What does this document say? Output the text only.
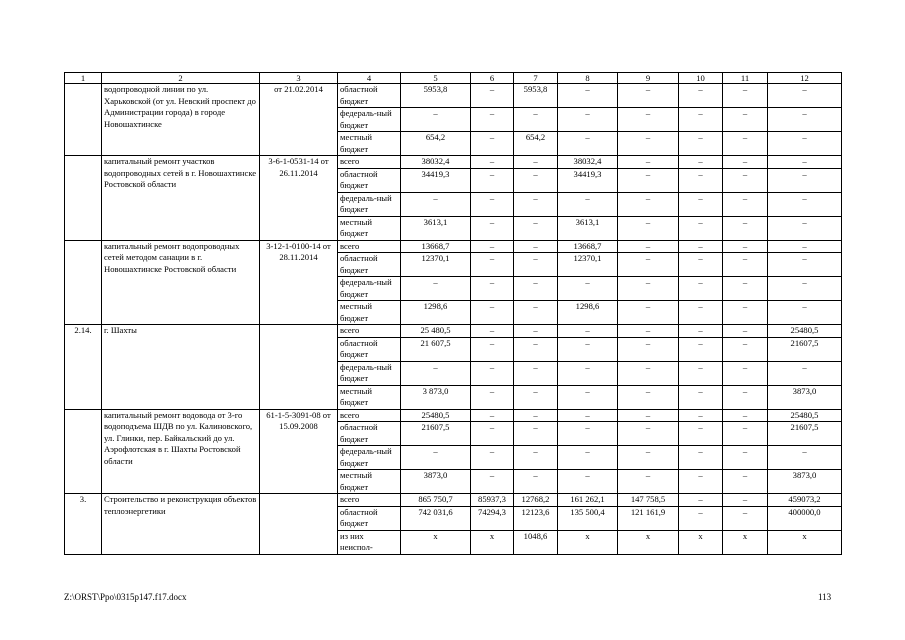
1	2	3	4	5	6	7	8	9	10	11	12
	водопроводной линии по ул. Харьковской (от ул. Невский проспект до Администрации города) в городе Новошахтинске	от 21.02.2014	областной бюджет	5953,8	–	5953,8	–	–	–	–	–
			федераль-ный бюджет	–	–	–	–	–	–	–	–
			местный бюджет	654,2	–	654,2	–	–	–	–	–
	капитальный ремонт участков водопроводных сетей в г. Новошахтинске Ростовской области	3-6-1-0531-14 от 26.11.2014	всего	38032,4	–	–	38032,4	–	–	–	–
			областной бюджет	34419,3	–	–	34419,3	–	–	–	–
			федераль-ный бюджет	–	–	–	–	–	–	–	–
			местный бюджет	3613,1	–	–	3613,1	–	–	–	–
	капитальный ремонт водопроводных сетей методом санации в г. Новошахтинске Ростовской области	3-12-1-0100-14 от 28.11.2014	всего	13668,7	–	–	13668,7	–	–	–	–
			областной бюджет	12370,1	–	–	12370,1	–	–	–	–
			федераль-ный бюджет	–	–	–	–	–	–	–	–
			местный бюджет	1298,6	–	–	1298,6	–	–	–	–
2.14.	г. Шахты		всего	25 480,5	–	–	–	–	–	–	25480,5
			областной бюджет	21 607,5	–	–	–	–	–	–	21607,5
			федераль-ный бюджет	–	–	–	–	–	–	–	–
			местный бюджет	3 873,0	–	–	–	–	–	–	3873,0
	капитальный ремонт водовода от 3-го водоподъема ШДВ по ул. Калиновского, ул. Глинки, пер. Байкальский до ул. Аэрофлотская в г. Шахты Ростовской области	61-1-5-3091-08 от 15.09.2008	всего	25480,5	–	–	–	–	–	–	25480,5
			областной бюджет	21607,5	–	–	–	–	–	–	21607,5
			федераль-ный бюджет	–	–	–	–	–	–	–	–
			местный бюджет	3873,0	–	–	–	–	–	–	3873,0
3.	Строительство и реконструкция объектов теплоэнергетики		всего	865 750,7	85937,3	12768,2	161 262,1	147 758,5	–	–	459073,2
			областной бюджет	742 031,6	74294,3	12123,6	135 500,4	121 161,9	–	–	400000,0
			из них неиспол-	х	х	1048,6	х	х	х	х	х
Z:\ORST\Ppo\0315p147.f17.docx	113
